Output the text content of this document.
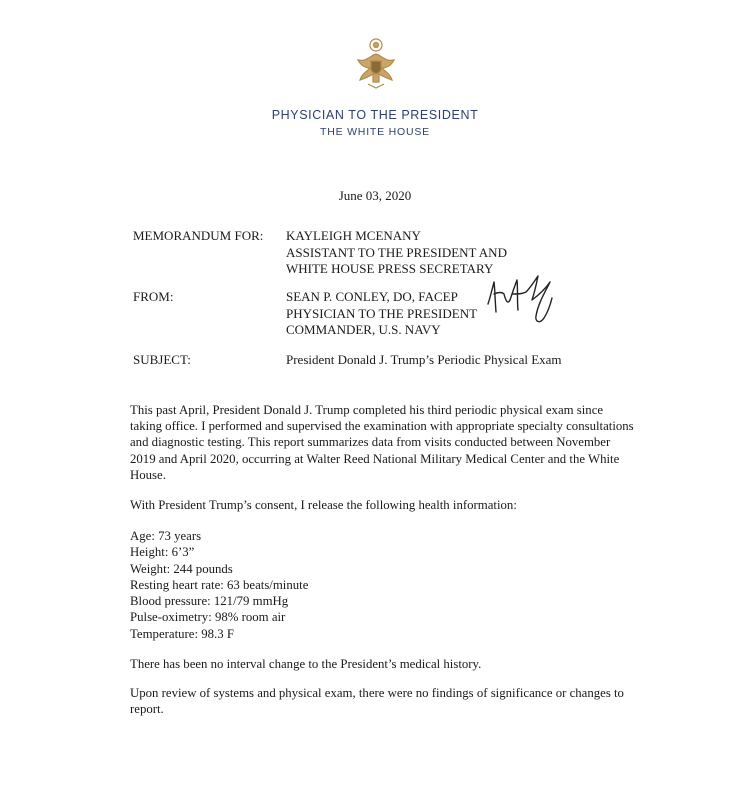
PHYSICIAN TO THE PRESIDENT
THE WHITE HOUSE
June 03, 2020
MEMORANDUM FOR: KAYLEIGH MCENANY
ASSISTANT TO THE PRESIDENT AND
WHITE HOUSE PRESS SECRETARY
FROM:	SEAN P. CONLEY, DO, FACEP
PHYSICIAN TO THE PRESIDENT
COMMANDER, U.S. NAVY
SUBJECT:	President Donald J. Trump’s Periodic Physical Exam
This past April, President Donald J. Trump completed his third periodic physical exam since taking office. I performed and supervised the examination with appropriate specialty consultations and diagnostic testing. This report summarizes data from visits conducted between November 2019 and April 2020, occurring at Walter Reed National Military Medical Center and the White House.
With President Trump’s consent, I release the following health information:
Age: 73 years
Height: 6’3”
Weight: 244 pounds
Resting heart rate: 63 beats/minute
Blood pressure: 121/79 mmHg
Pulse-oximetry: 98% room air
Temperature: 98.3 F
There has been no interval change to the President’s medical history.
Upon review of systems and physical exam, there were no findings of significance or changes to report.
